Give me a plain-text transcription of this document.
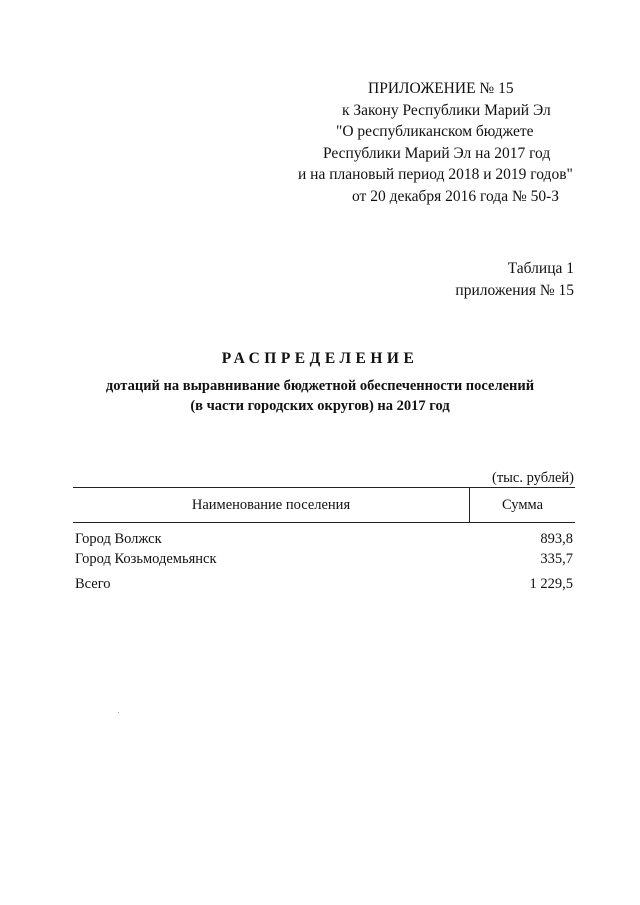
ПРИЛОЖЕНИЕ № 15
к Закону Республики Марий Эл
"О республиканском бюджете
Республики Марий Эл на 2017 год
и на плановый период 2018 и 2019 годов"
от 20 декабря 2016 года № 50-З
Таблица 1
приложения № 15
РАСПРЕДЕЛЕНИЕ
дотаций на выравнивание бюджетной обеспеченности поселений
(в части городских округов) на 2017 год
(тыс. рублей)
Наименование поселения	Сумма
Город Волжск	893,8
Город Козьмодемьянск	335,7
Всего	1 229,5
